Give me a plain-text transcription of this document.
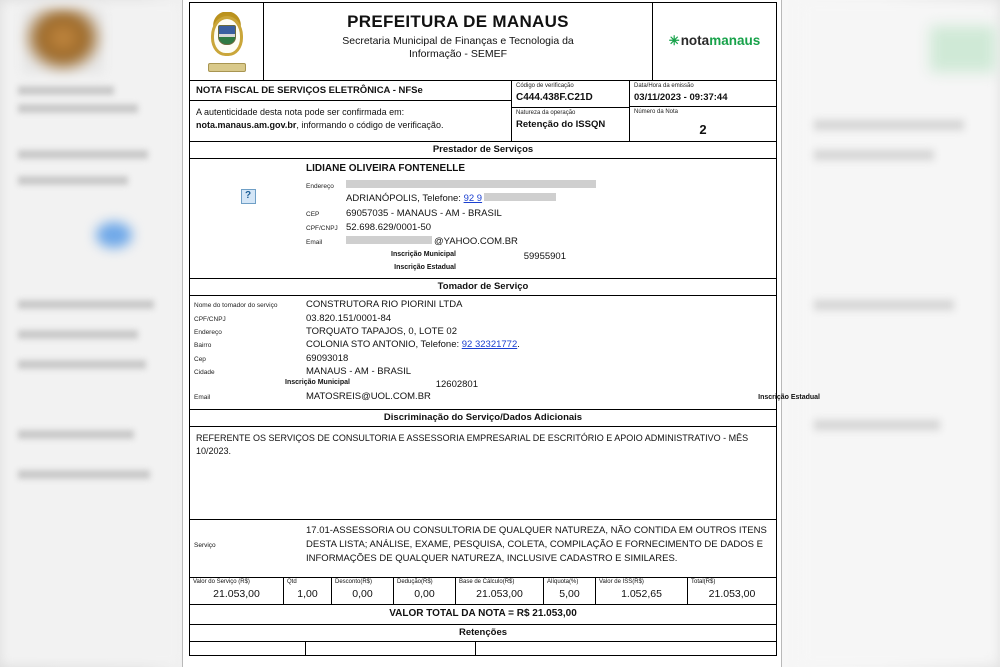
PREFEITURA DE MANAUS
Secretaria Municipal de Finanças e Tecnologia da
Informação - SEMEF
✳ nota manaus
NOTA FISCAL DE SERVIÇOS ELETRÔNICA - NFSe
A autenticidade desta nota pode ser confirmada em: nota.manaus.am.gov.br, informando o código de verificação.
Código de verificação
C444.438F.C21D
Natureza da operação
Retenção do ISSQN
Data/Hora da emissão
03/11/2023 - 09:37:44
Número da Nota
2
Prestador de Serviços
?
LIDIANE OLIVEIRA FONTENELLE
Endereço
ADRIANÓPOLIS, Telefone:
92 9
CEP	69057035 - MANAUS - AM - BRASIL
CPF/CNPJ 52.698.629/0001-50
Email	@YAHOO.COM.BR
Inscrição Municipal	59955901
Inscrição Estadual
Tomador de Serviço
Nome do tomador do serviço	CONSTRUTORA RIO PIORINI LTDA
CPF/CNPJ	03.820.151/0001-84
Endereço	TORQUATO TAPAJOS, 0, LOTE 02
Bairro	COLONIA STO ANTONIO, Telefone: 92 32321772.
Cep	69093018
Cidade	MANAUS - AM - BRASIL
Inscrição Municipal	12602801
Email	MATOSREIS@UOL.COM.BR	Inscrição Estadual
Discriminação do Serviço/Dados Adicionais
REFERENTE OS SERVIÇOS DE CONSULTORIA E ASSESSORIA EMPRESARIAL DE ESCRITÓRIO E APOIO ADMINISTRATIVO - MÊS 10/2023.
Serviço
17.01-ASSESSORIA OU CONSULTORIA DE QUALQUER NATUREZA, NÃO CONTIDA EM OUTROS ITENS DESTA LISTA; ANÁLISE, EXAME, PESQUISA, COLETA, COMPILAÇÃO E FORNECIMENTO DE DADOS E INFORMAÇÕES DE QUALQUER NATUREZA, INCLUSIVE CADASTRO E SIMILARES.
Valor do Serviço (R$)
21.053,00
Qtd
1,00
Desconto(R$)
0,00
Dedução(R$)
0,00
Base de Cálculo(R$)
21.053,00
Alíquota(%)
5,00
Valor de ISS(R$)
1.052,65
Total(R$)
21.053,00
VALOR TOTAL DA NOTA = R$ 21.053,00
Retenções
